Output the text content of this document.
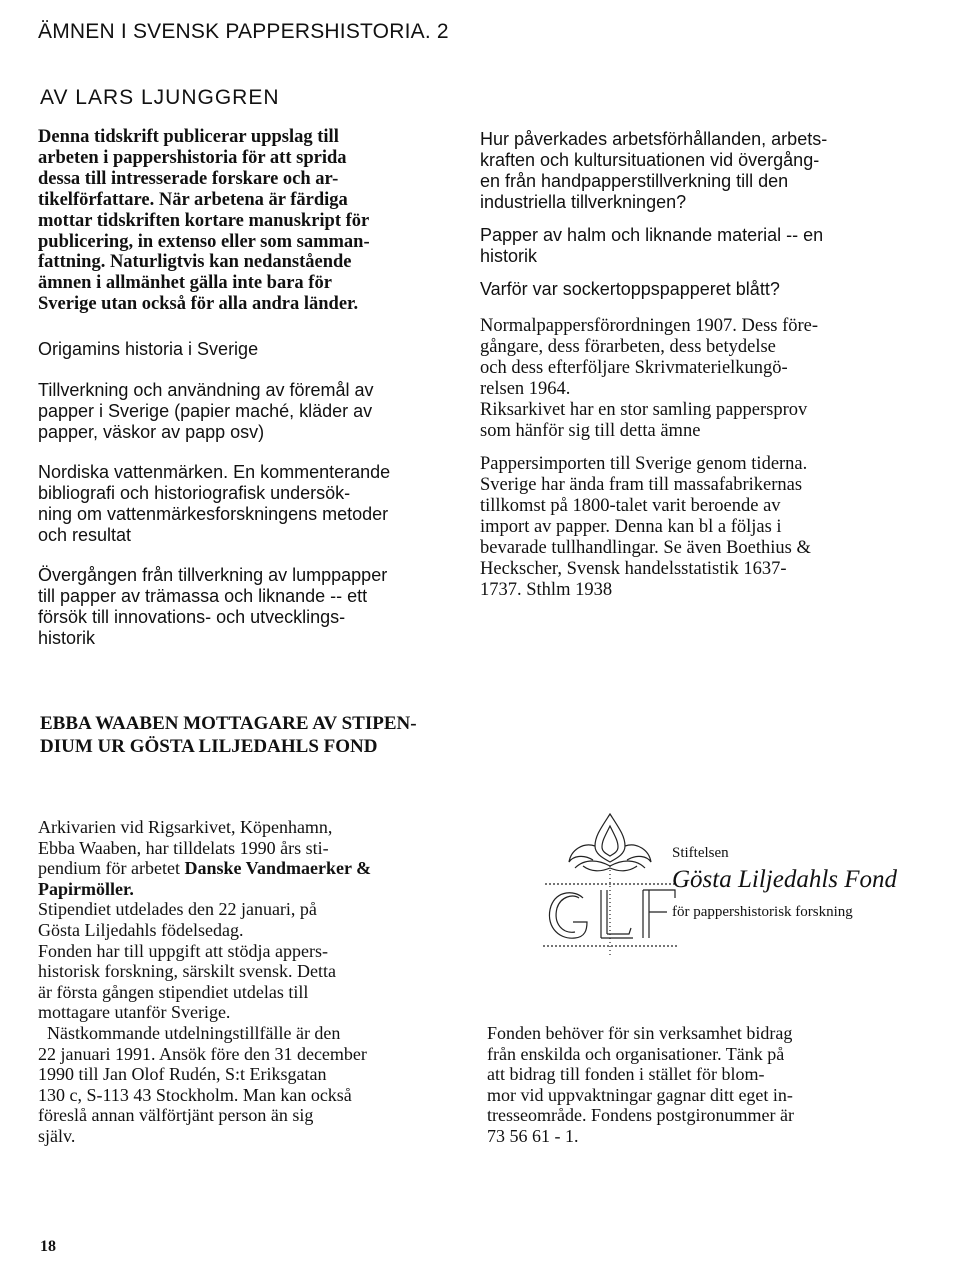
ÄMNEN I SVENSK PAPPERSHISTORIA. 2
AV LARS LJUNGGREN
Denna tidskrift publicerar uppslag till
arbeten i pappershistoria för att sprida
dessa till intresserade forskare och ar-
tikelförfattare. När arbetena är färdiga
mottar tidskriften kortare manuskript för
publicering, in extenso eller som samman-
fattning. Naturligtvis kan nedanstående
ämnen i allmänhet gälla inte bara för
Sverige utan också för alla andra länder.
Origamins historia i Sverige
Tillverkning och användning av föremål av
papper i Sverige (papier maché, kläder av
papper, väskor av papp osv)
Nordiska vattenmärken. En kommenterande
bibliografi och historiografisk undersök-
ning om vattenmärkesforskningens metoder
och resultat
Övergången från tillverkning av lumppapper
till papper av trämassa och liknande -- ett
försök till innovations- och utvecklings-
historik
Hur påverkades arbetsförhållanden, arbets-
kraften och kultursituationen vid övergång-
en från handpapperstillverkning till den
industriella tillverkningen?
Papper av halm och liknande material -- en
historik
Varför var sockertoppspapperet blått?
Normalpappersförordningen 1907. Dess före-
gångare, dess förarbeten, dess betydelse
och dess efterföljare Skrivmaterielkungö-
relsen 1964.
Riksarkivet har en stor samling pappersprov
som hänför sig till detta ämne
Pappersimporten till Sverige genom tiderna.
Sverige har ända fram till massafabrikernas
tillkomst på 1800-talet varit beroende av
import av papper. Denna kan bl a följas i
bevarade tullhandlingar. Se även Boethius &
Heckscher, Svensk handelsstatistik 1637-
1737. Sthlm 1938
EBBA WAABEN MOTTAGARE AV STIPEN-
DIUM UR GÖSTA LILJEDAHLS FOND
Arkivarien vid Rigsarkivet, Köpenhamn,
Ebba Waaben, har tilldelats 1990 års sti-
pendium för arbetet Danske Vandmaerker &
Papirmöller.
Stipendiet utdelades den 22 januari, på
Gösta Liljedahls födelsedag.
Fonden har till uppgift att stödja appers-
historisk forskning, särskilt svensk. Detta
är första gången stipendiet utdelas till
mottagare utanför Sverige.
Nästkommande utdelningstillfälle är den
22 januari 1991. Ansök före den 31 december
1990 till Jan Olof Rudén, S:t Eriksgatan
130 c, S-113 43 Stockholm. Man kan också
föreslå annan välförtjänt person än sig
själv.
Stiftelsen
Gösta Liljedahls Fond
för pappershistorisk forskning
Fonden behöver för sin verksamhet bidrag
från enskilda och organisationer. Tänk på
att bidrag till fonden i stället för blom-
mor vid uppvaktningar gagnar ditt eget in-
tresseområde. Fondens postgironummer är
73 56 61 - 1.
18
